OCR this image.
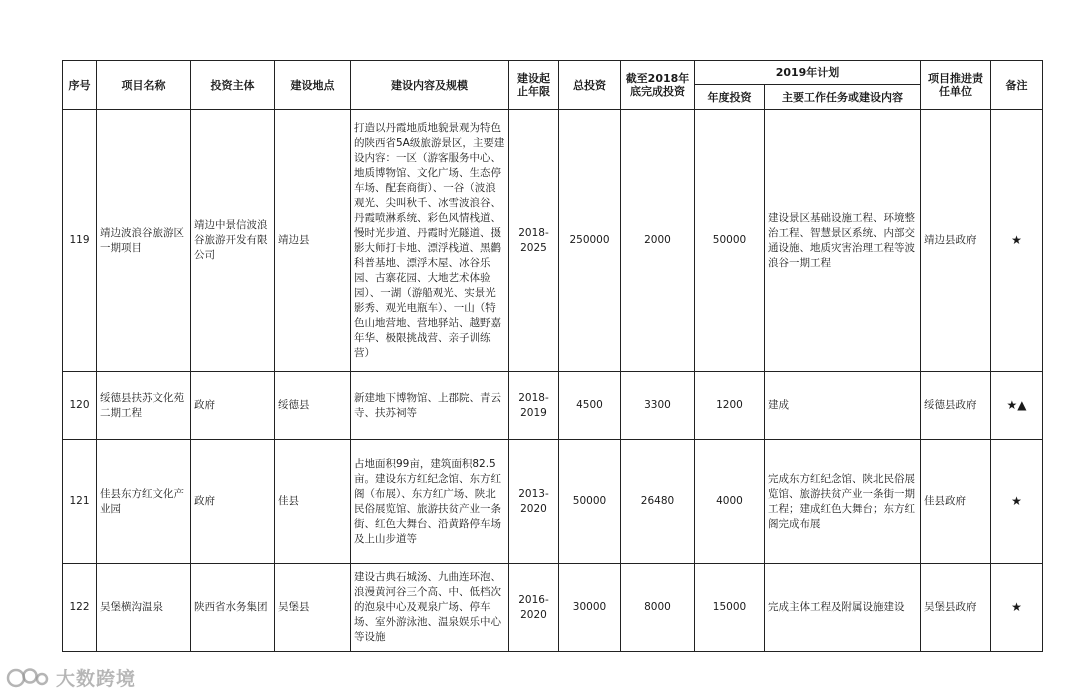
序号	项目名称	投资主体	建设地点	建设内容及规模	建设起止年限	总投资	截至2018年底完成投资	2019年计划		项目推进责任单位	备注
								年度投资	主要工作任务或建设内容		
119	靖边波浪谷旅游区一期项目	靖边中景信波浪谷旅游开发有限公司	靖边县	打造以丹霞地质地貌景观为特色的陕西省5A级旅游景区，主要建设内容：一区（游客服务中心、地质博物馆、文化广场、生态停车场、配套商街）、一谷（波浪观光、尖叫秋千、冰雪波浪谷、丹霞喷淋系统、彩色风情栈道、慢时光步道、丹霞时光隧道、摄影大师打卡地、漂浮栈道、黑鹳科普基地、漂浮木屋、冰谷乐园、古寨花园、大地艺术体验园）、一湖（游船观光、实景光影秀、观光电瓶车）、一山（特色山地营地、营地驿站、越野嘉年华、极限挑战营、亲子训练营）	2018-2025	250000	2000	50000	建设景区基础设施工程、环境整治工程、智慧景区系统、内部交通设施、地质灾害治理工程等波浪谷一期工程	靖边县政府	★
120	绥德县扶苏文化苑二期工程	政府	绥德县	新建地下博物馆、上郡院、青云寺、扶苏祠等	2018-2019	4500	3300	1200	建成	绥德县政府	★▲
121	佳县东方红文化产业园	政府	佳县	占地面积99亩，建筑面积82.5亩。建设东方红纪念馆、东方红阁（布展）、东方红广场、陕北民俗展览馆、旅游扶贫产业一条街、红色大舞台、沿黄路停车场及上山步道等	2013-2020	50000	26480	4000	完成东方红纪念馆、陕北民俗展览馆、旅游扶贫产业一条街一期工程；建成红色大舞台；东方红阁完成布展	佳县政府	★
122	吴堡横沟温泉	陕西省水务集团	吴堡县	建设古典石城汤、九曲连环泡、浪漫黄河谷三个高、中、低档次的泡泉中心及观泉广场、停车场、室外游泳池、温泉娱乐中心等设施	2016-2020	30000	8000	15000	完成主体工程及附属设施建设	吴堡县政府	★
大数跨境
